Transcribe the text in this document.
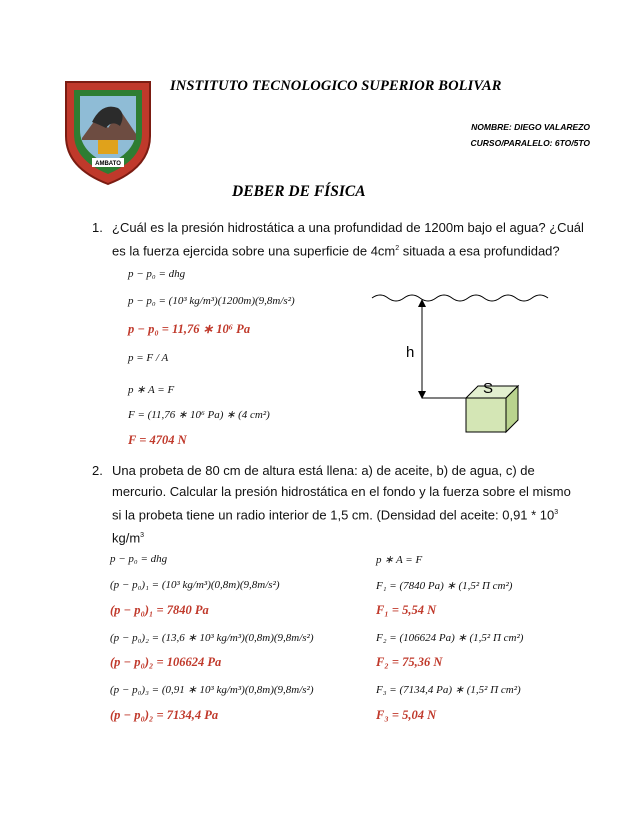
AMBATO
INSTITUTO TECNOLOGICO SUPERIOR BOLIVAR
NOMBRE: DIEGO VALAREZO
CURSO/PARALELO: 6TO/5TO
DEBER DE FÍSICA
1. ¿Cuál es la presión hidrostática a una profundidad de 1200m bajo el agua? ¿Cuál
es la fuerza ejercida sobre una superficie de $4cm^2$ situada a esa profundidad?
p − p₀ = dhg
p − p₀ = (10³ kg/m³)(1200m)(9,8m/s²)
p − p₀ = 11,76 ∗ 10⁶ Pa
p = F / A
p ∗ A = F
F = (11,76 ∗ 10⁶ Pa) ∗ (4 cm²)
F = 4704 N
h
S
2. Una probeta de 80 cm de altura está llena: a) de aceite, b) de agua, c) de
mercurio. Calcular la presión hidrostática en el fondo y la fuerza sobre el mismo
si la probeta tiene un radio interior de 1,5 cm. (Densidad del aceite: $0,91 * 10^3$
$kg/m^3$
p − p₀ = dhg
(p − p₀)₁ = (10³ kg/m³)(0,8m)(9,8m/s²)
(p − p₀)₁ = 7840 Pa
(p − p₀)₂ = (13,6 ∗ 10³ kg/m³)(0,8m)(9,8m/s²)
(p − p₀)₂ = 106624 Pa
(p − p₀)₃ = (0,91 ∗ 10³ kg/m³)(0,8m)(9,8m/s²)
(p − p₀)₂ = 7134,4 Pa
p ∗ A = F
F₁ = (7840 Pa) ∗ (1,5² Π cm²)
F₁ = 5,54 N
F₂ = (106624 Pa) ∗ (1,5² Π cm²)
F₂ = 75,36 N
F₃ = (7134,4 Pa) ∗ (1,5² Π cm²)
F₃ = 5,04 N
